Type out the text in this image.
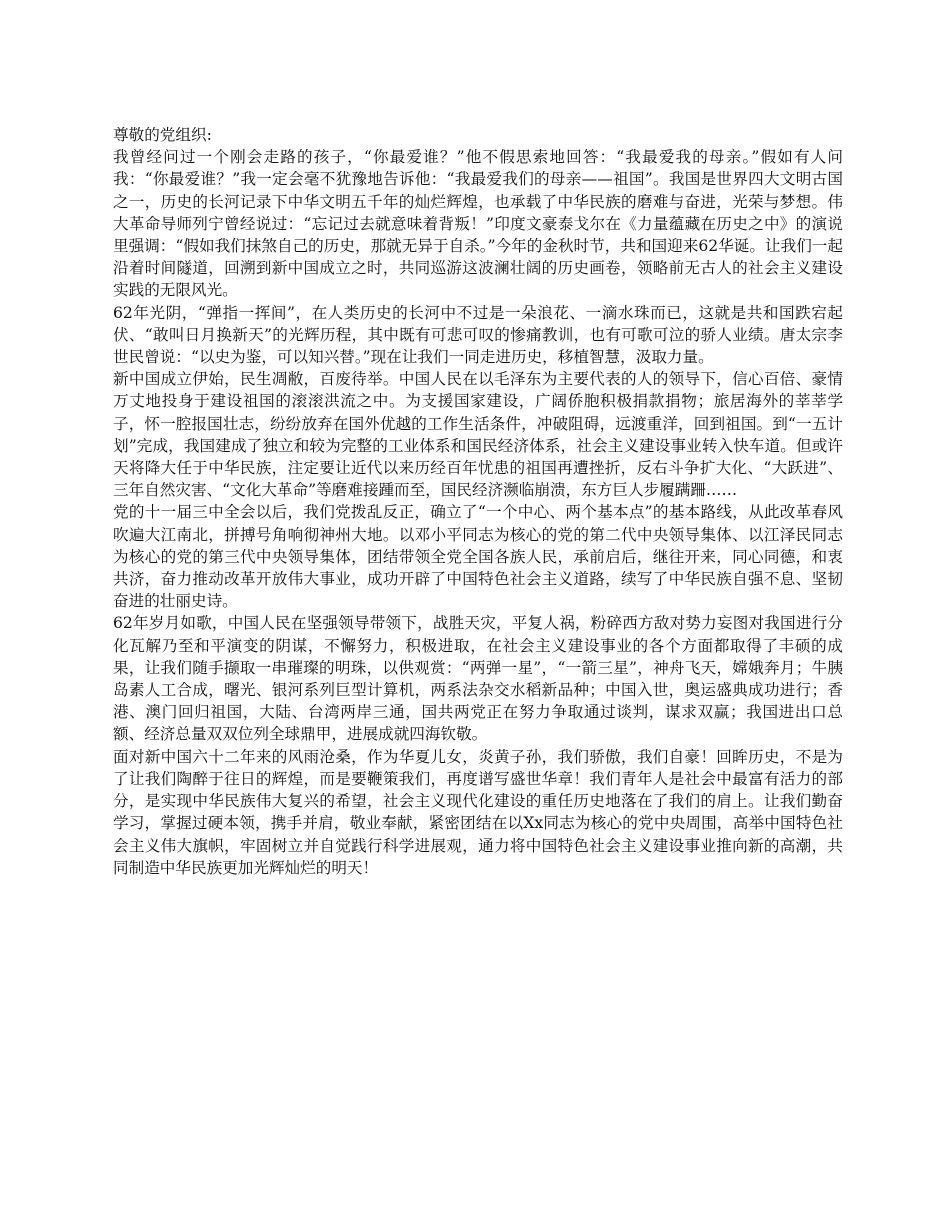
尊敬的党组织:

我曾经问过一个刚会走路的孩子，“你最爱谁？”他不假思索地回答：“我最爱我的母亲。”假如有人问我：“你最爱谁？”我一定会毫不犹豫地告诉他：“我最爱我们的母亲——祖国”。我国是世界四大文明古国之一，历史的长河记录下中华文明五千年的灿烂辉煌，也承载了中华民族的磨难与奋进，光荣与梦想。伟大革命导师列宁曾经说过：“忘记过去就意味着背叛！”印度文豪泰戈尔在《力量蕴藏在历史之中》的演说里强调：“假如我们抹煞自己的历史，那就无异于自杀。”今年的金秋时节，共和国迎来62华诞。让我们一起沿着时间隧道，回溯到新中国成立之时，共同巡游这波澜壮阔的历史画卷，领略前无古人的社会主义建设实践的无限风光。

62年光阴，“弹指一挥间”，在人类历史的长河中不过是一朵浪花、一滴水珠而已，这就是共和国跌宕起伏、“敢叫日月换新天”的光辉历程，其中既有可悲可叹的惨痛教训，也有可歌可泣的骄人业绩。唐太宗李世民曾说：“以史为鉴，可以知兴替。”现在让我们一同走进历史，移植智慧，汲取力量。

新中国成立伊始，民生凋敝，百废待举。中国人民在以毛泽东为主要代表的人的领导下，信心百倍、豪情万丈地投身于建设祖国的滚滚洪流之中。为支援国家建设，广阔侨胞积极捐款捐物；旅居海外的莘莘学子，怀一腔报国壮志，纷纷放弃在国外优越的工作生活条件，冲破阻碍，远渡重洋，回到祖国。到“一五计划”完成，我国建成了独立和较为完整的工业体系和国民经济体系，社会主义建设事业转入快车道。但或许天将降大任于中华民族，注定要让近代以来历经百年忧患的祖国再遭挫折，反右斗争扩大化、“大跃进”、三年自然灾害、“文化大革命”等磨难接踵而至，国民经济濒临崩溃，东方巨人步履蹒跚……

党的十一届三中全会以后，我们党拨乱反正，确立了“一个中心、两个基本点”的基本路线，从此改革春风吹遍大江南北，拼搏号角响彻神州大地。以邓小平同志为核心的党的第二代中央领导集体、以江泽民同志为核心的党的第三代中央领导集体，团结带领全党全国各族人民，承前启后，继往开来，同心同德，和衷共济，奋力推动改革开放伟大事业，成功开辟了中国特色社会主义道路，续写了中华民族自强不息、坚韧奋进的壮丽史诗。

62年岁月如歌，中国人民在坚强领导带领下，战胜天灾，平复人祸，粉碎西方敌对势力妄图对我国进行分化瓦解乃至和平演变的阴谋，不懈努力，积极进取，在社会主义建设事业的各个方面都取得了丰硕的成果，让我们随手撷取一串璀璨的明珠，以供观赏：“两弹一星”，“一箭三星”，神舟飞天，嫦娥奔月；牛胰岛素人工合成，曙光、银河系列巨型计算机，两系法杂交水稻新品种；中国入世，奥运盛典成功进行；香港、澳门回归祖国，大陆、台湾两岸三通，国共两党正在努力争取通过谈判，谋求双赢；我国进出口总额、经济总量双双位列全球鼎甲，进展成就四海钦敬。

面对新中国六十二年来的风雨沧桑，作为华夏儿女，炎黄子孙，我们骄傲，我们自豪！回眸历史，不是为了让我们陶醉于往日的辉煌，而是要鞭策我们，再度谱写盛世华章！我们青年人是社会中最富有活力的部分，是实现中华民族伟大复兴的希望，社会主义现代化建设的重任历史地落在了我们的肩上。让我们勤奋学习，掌握过硬本领，携手并肩，敬业奉献，紧密团结在以Xx同志为核心的党中央周围，高举中国特色社会主义伟大旗帜，牢固树立并自觉践行科学进展观，通力将中国特色社会主义建设事业推向新的高潮，共同制造中华民族更加光辉灿烂的明天！
